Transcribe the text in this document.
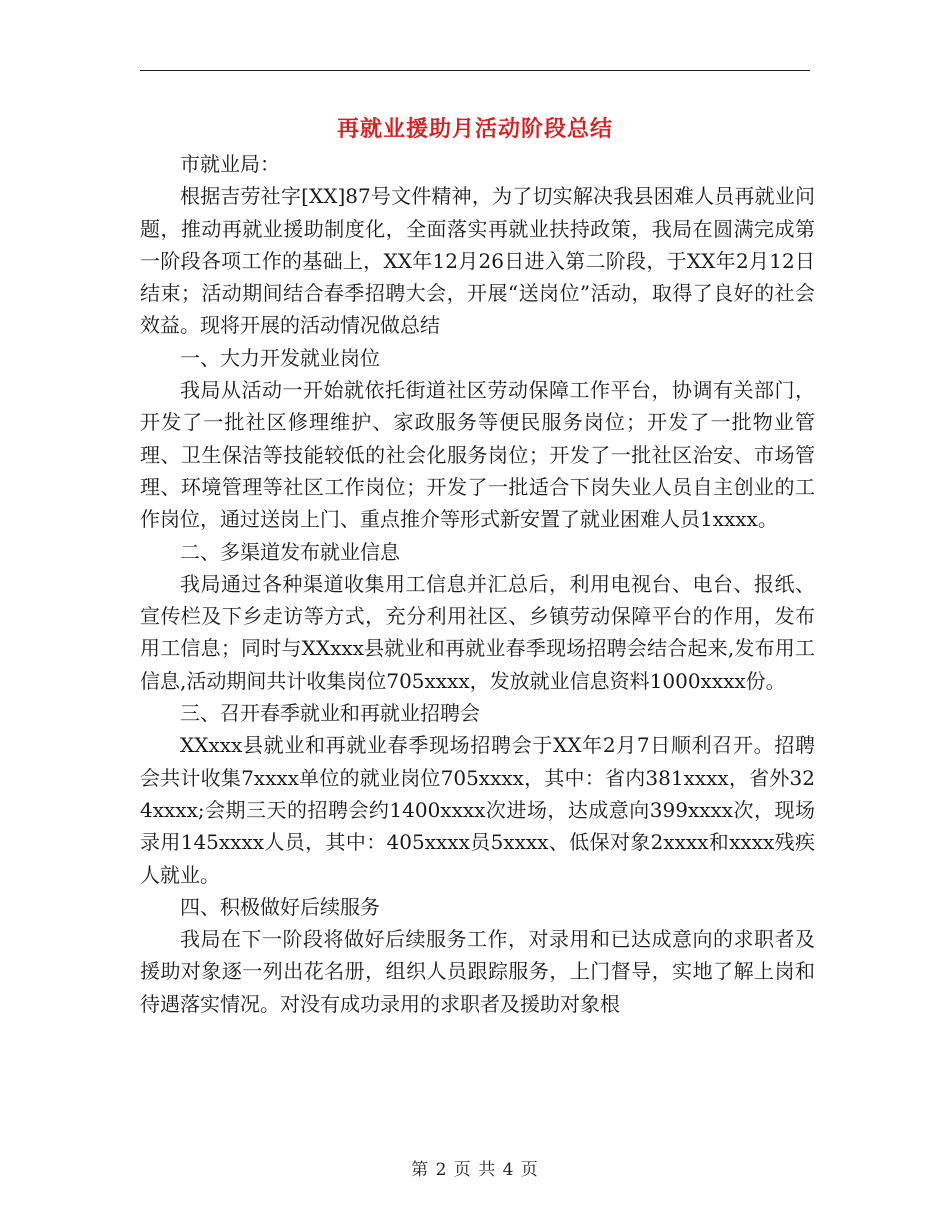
再就业援助月活动阶段总结

市就业局：

根据吉劳社字[XX]87号文件精神，为了切实解决我县困难人员再就业问题，推动再就业援助制度化，全面落实再就业扶持政策，我局在圆满完成第一阶段各项工作的基础上，XX年12月26日进入第二阶段，于XX年2月12日结束；活动期间结合春季招聘大会，开展“送岗位”活动，取得了良好的社会效益。现将开展的活动情况做总结

一、大力开发就业岗位

我局从活动一开始就依托街道社区劳动保障工作平台，协调有关部门，开发了一批社区修理维护、家政服务等便民服务岗位；开发了一批物业管理、卫生保洁等技能较低的社会化服务岗位；开发了一批社区治安、市场管理、环境管理等社区工作岗位；开发了一批适合下岗失业人员自主创业的工作岗位，通过送岗上门、重点推介等形式新安置了就业困难人员1xxxx。

二、多渠道发布就业信息

我局通过各种渠道收集用工信息并汇总后，利用电视台、电台、报纸、宣传栏及下乡走访等方式，充分利用社区、乡镇劳动保障平台的作用，发布用工信息；同时与XXxxx县就业和再就业春季现场招聘会结合起来,发布用工信息,活动期间共计收集岗位705xxxx，发放就业信息资料1000xxxx份。

三、召开春季就业和再就业招聘会

XXxxx县就业和再就业春季现场招聘会于XX年2月7日顺利召开。招聘会共计收集7xxxx单位的就业岗位705xxxx，其中：省内381xxxx，省外324xxxx;会期三天的招聘会约1400xxxx次进场，达成意向399xxxx次，现场录用145xxxx人员，其中：405xxxx员5xxxx、低保对象2xxxx和xxxx残疾人就业。

四、积极做好后续服务

我局在下一阶段将做好后续服务工作，对录用和已达成意向的求职者及援助对象逐一列出花名册，组织人员跟踪服务，上门督导，实地了解上岗和待遇落实情况。对没有成功录用的求职者及援助对象根

第 2 页 共 4 页
